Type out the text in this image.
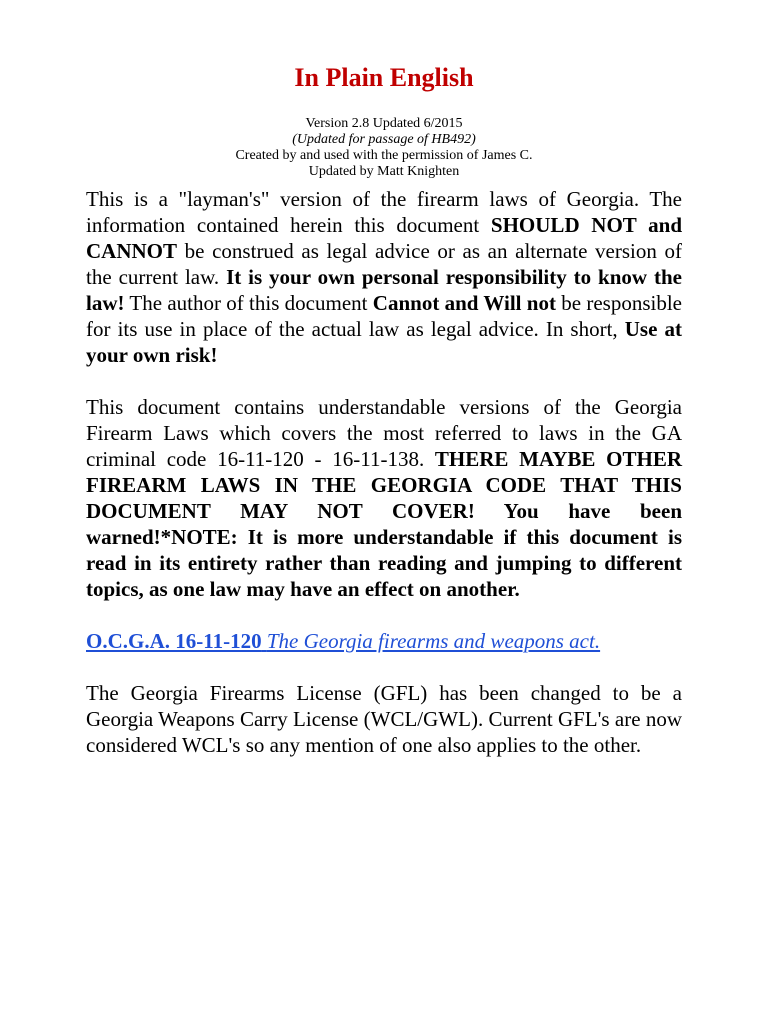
In Plain English
Version 2.8 Updated 6/2015
(Updated for passage of HB492)
Created by and used with the permission of James C.
Updated by Matt Knighten

This is a "layman's" version of the firearm laws of Georgia. The information contained herein this document SHOULD NOT and CANNOT be construed as legal advice or as an alternate version of the current law. It is your own personal responsibility to know the law! The author of this document Cannot and Will not be responsible for its use in place of the actual law as legal advice. In short, Use at your own risk!

This document contains understandable versions of the Georgia Firearm Laws which covers the most referred to laws in the GA criminal code 16-11-120 - 16-11-138. THERE MAYBE OTHER FIREARM LAWS IN THE GEORGIA CODE THAT THIS DOCUMENT MAY NOT COVER! You have been warned!*NOTE: It is more understandable if this document is read in its entirety rather than reading and jumping to different topics, as one law may have an effect on another.

O.C.G.A. 16-11-120 The Georgia firearms and weapons act.

The Georgia Firearms License (GFL) has been changed to be a Georgia Weapons Carry License (WCL/GWL). Current GFL's are now considered WCL's so any mention of one also applies to the other.
